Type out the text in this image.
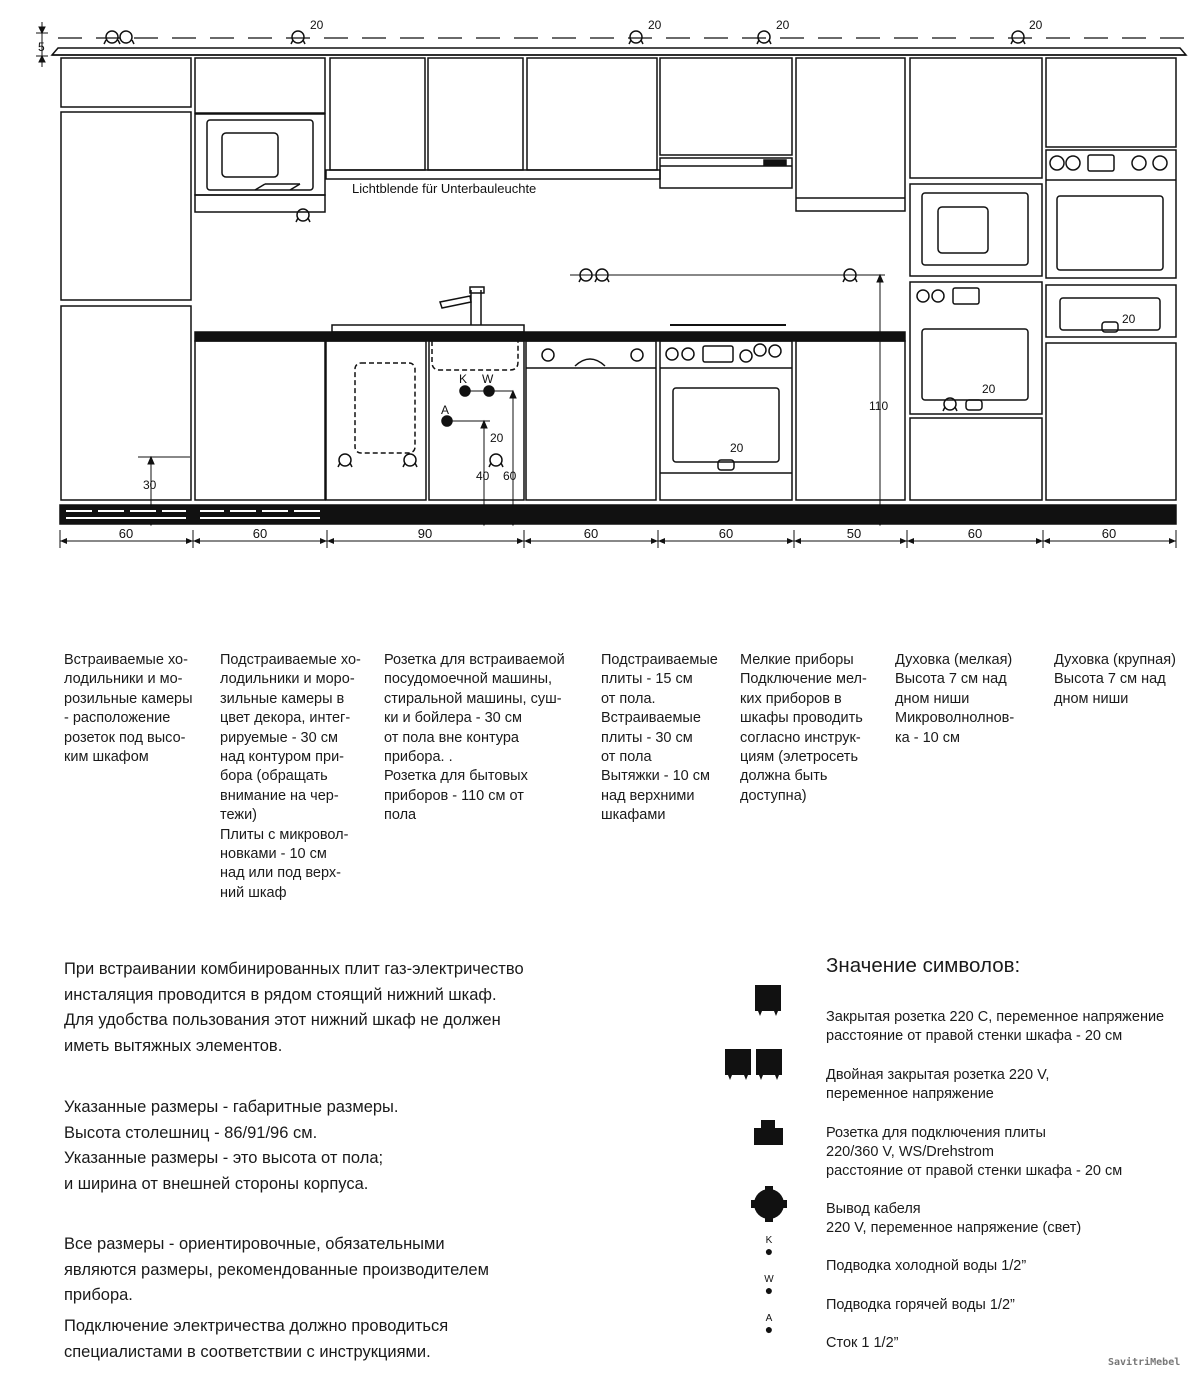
20	20	20	20
5
Lichtblende für Unterbauleuchte
20
20
K W
A
20
40 60
20
110
30
60	60	90	60	60	50	60	60
Встраиваемые хо-
лодильники и мо-
розильные камеры
- расположение
розеток под высо-
ким шкафом
Подстраиваемые хо-
лодильники и моро-
зильные камеры в
цвет декора, интег-
рируемые - 30 см
над контуром при-
бора (обращать
внимание на чер-
тежи)
Плиты с микровол-
новками - 10 см
над или под верх-
ний шкаф
Розетка для встраиваемой
посудомоечной машины,
стиральной машины, суш-
ки и бойлера - 30 см
от пола вне контура
прибора. .
Розетка для бытовых
приборов - 110 см от
пола
Подстраиваемые
плиты - 15 см
от пола.
Встраиваемые
плиты - 30 см
от пола
Вытяжки - 10 см
над верхними
шкафами
Мелкие приборы
Подключение мел-
ких приборов в
шкафы проводить
согласно инструк-
циям (элетросеть
должна быть
доступна)
Духовка (мелкая)
Высота 7 см над
дном ниши
Микроволнолнов-
ка - 10 см
Духовка (крупная)
Высота 7 см над
дном ниши
При встраивании комбинированных плит газ-электричество
инсталяция проводится в рядом стоящий нижний шкаф.
Для удобства пользования этот нижний шкаф не должен
иметь вытяжных элементов.
Указанные размеры - габаритные размеры.
Высота столешниц - 86/91/96 см.
Указанные размеры - это высота от пола;
и ширина от внешней стороны корпуса.
Все размеры - ориентировочные, обязательными
являются размеры, рекомендованные производителем
прибора.
Подключение электричества должно проводиться
специалистами в соответствии с инструкциями.
Значение символов:
K
●
W
●
A
●
Закрытая розетка 220 C, переменное напряжение
расстояние от правой стенки шкафа - 20 см
Двойная закрытая розетка 220 V,
переменное напряжение
Розетка для подключения плиты
220/360 V, WS/Drehstrom
расстояние от правой стенки шкафа - 20 см
Вывод кабеля
220 V, переменное напряжение (свет)
Подводка холодной воды 1/2”
Подводка горячей воды 1/2”
Сток 1 1/2”
SavitriMebel
